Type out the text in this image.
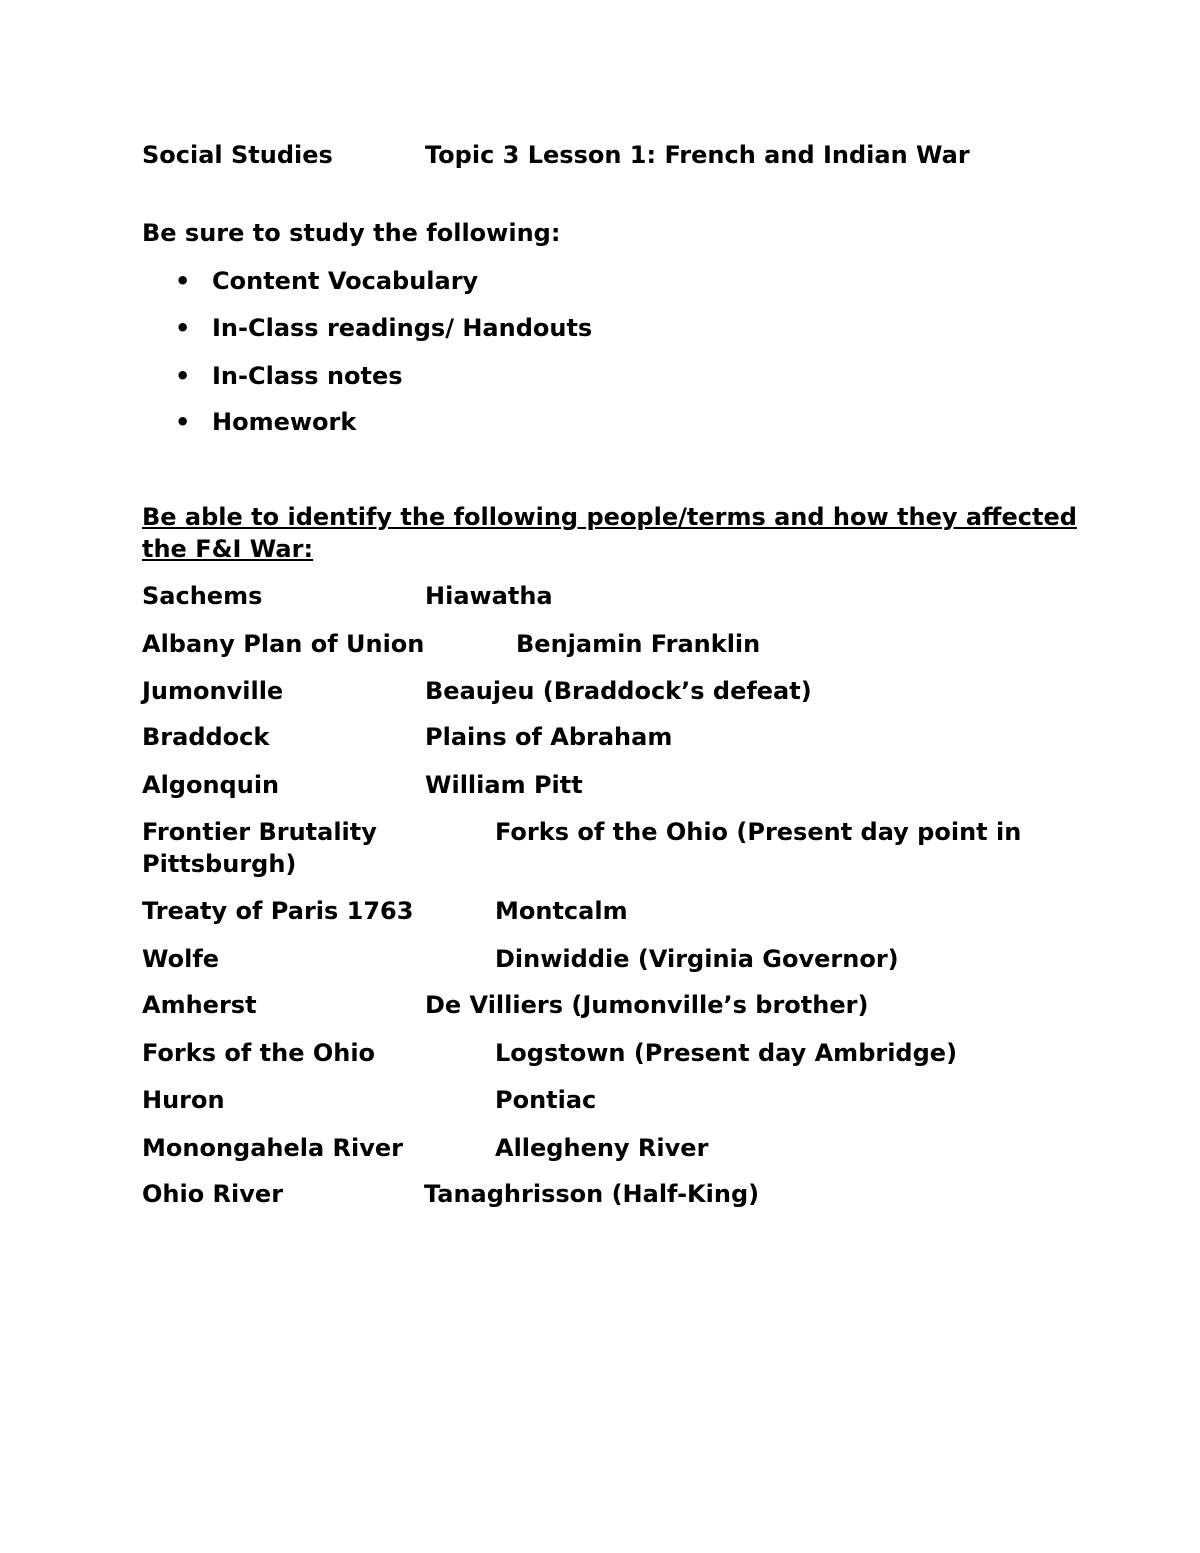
Social Studies	Topic 3 Lesson 1: French and Indian War
Be sure to study the following:
• Content Vocabulary
• In-Class readings/ Handouts
• In-Class notes
• Homework
Be able to identify the following people/terms and how they affected
the F&I War:
Sachems	Hiawatha
Albany Plan of Union	Benjamin Franklin
Jumonville	Beaujeu (Braddock’s defeat)
Braddock	Plains of Abraham
Algonquin	William Pitt
Frontier Brutality	Forks of the Ohio (Present day point in
Pittsburgh)
Treaty of Paris 1763	Montcalm
Wolfe	Dinwiddie (Virginia Governor)
Amherst	De Villiers (Jumonville’s brother)
Forks of the Ohio	Logstown (Present day Ambridge)
Huron	Pontiac
Monongahela River	Allegheny River
Ohio River	Tanaghrisson (Half-King)
